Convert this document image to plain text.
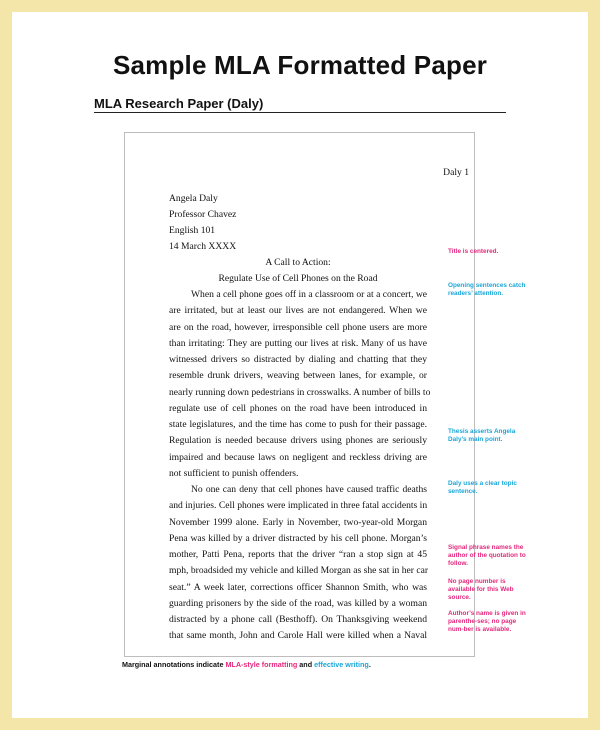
Sample MLA Formatted Paper
MLA Research Paper (Daly)
Daly 1
Angela Daly
Professor Chavez
English 101
14 March XXXX
A Call to Action:
Regulate Use of Cell Phones on the Road
When a cell phone goes off in a classroom or at a concert, we
are irritated, but at least our lives are not endangered. When we
are on the road, however, irresponsible cell phone users are more
than irritating: They are putting our lives at risk. Many of us have
witnessed drivers so distracted by dialing and chatting that they
resemble drunk drivers, weaving between lanes, for example, or
nearly running down pedestrians in crosswalks. A number of bills to
regulate use of cell phones on the road have been introduced in
state legislatures, and the time has come to push for their passage.
Regulation is needed because drivers using phones are seriously
impaired and because laws on negligent and reckless driving are
not sufficient to punish offenders.
No one can deny that cell phones have caused traffic deaths
and injuries. Cell phones were implicated in three fatal accidents in
November 1999 alone. Early in November, two-year-old Morgan
Pena was killed by a driver distracted by his cell phone. Morgan’s
mother, Patti Pena, reports that the driver “ran a stop sign at 45
mph, broadsided my vehicle and killed Morgan as she sat in her car
seat.” A week later, corrections officer Shannon Smith, who was
guarding prisoners by the side of the road, was killed by a woman
distracted by a phone call (Besthoff). On Thanksgiving weekend
that same month, John and Carole Hall were killed when a Naval
Title is centered.
Opening sentences catch readers’ attention.
Thesis asserts Angela Daly’s main point.
Daly uses a clear topic sentence.
Signal phrase names the author of the quotation to follow.
No page number is available for this Web source.
Author’s name is given in parenthe-ses; no page num-ber is available.
Marginal annotations indicate MLA-style formatting and effective writing.
